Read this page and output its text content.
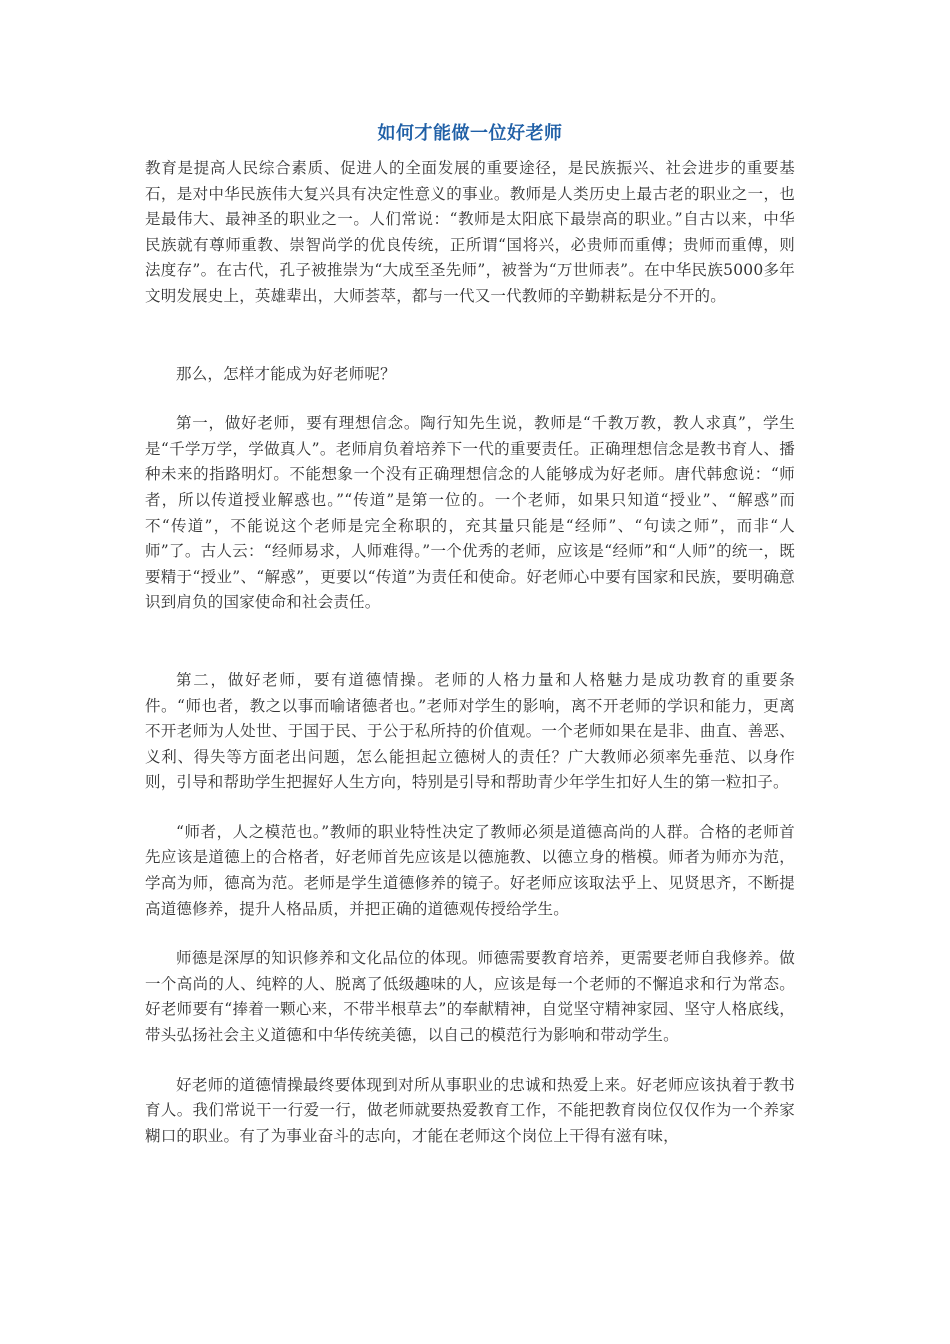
如何才能做一位好老师

教育是提高人民综合素质、促进人的全面发展的重要途径，是民族振兴、社会进步的重要基石，是对中华民族伟大复兴具有决定性意义的事业。教师是人类历史上最古老的职业之一，也是最伟大、最神圣的职业之一。人们常说：“教师是太阳底下最崇高的职业。”自古以来，中华民族就有尊师重教、崇智尚学的优良传统，正所谓“国将兴，必贵师而重傅；贵师而重傅，则法度存”。在古代，孔子被推崇为“大成至圣先师”，被誉为“万世师表”。在中华民族5000多年文明发展史上，英雄辈出，大师荟萃，都与一代又一代教师的辛勤耕耘是分不开的。

那么，怎样才能成为好老师呢？

第一，做好老师，要有理想信念。陶行知先生说，教师是“千教万教，教人求真”，学生是“千学万学，学做真人”。老师肩负着培养下一代的重要责任。正确理想信念是教书育人、播种未来的指路明灯。不能想象一个没有正确理想信念的人能够成为好老师。唐代韩愈说：“师者，所以传道授业解惑也。”“传道”是第一位的。一个老师，如果只知道“授业”、“解惑”而不“传道”，不能说这个老师是完全称职的，充其量只能是“经师”、“句读之师”，而非“人师”了。古人云：“经师易求，人师难得。”一个优秀的老师，应该是“经师”和“人师”的统一，既要精于“授业”、“解惑”，更要以“传道”为责任和使命。好老师心中要有国家和民族，要明确意识到肩负的国家使命和社会责任。

第二，做好老师，要有道德情操。老师的人格力量和人格魅力是成功教育的重要条件。“师也者，教之以事而喻诸德者也。”老师对学生的影响，离不开老师的学识和能力，更离不开老师为人处世、于国于民、于公于私所持的价值观。一个老师如果在是非、曲直、善恶、义利、得失等方面老出问题，怎么能担起立德树人的责任？广大教师必须率先垂范、以身作则，引导和帮助学生把握好人生方向，特别是引导和帮助青少年学生扣好人生的第一粒扣子。

“师者，人之模范也。”教师的职业特性决定了教师必须是道德高尚的人群。合格的老师首先应该是道德上的合格者，好老师首先应该是以德施教、以德立身的楷模。师者为师亦为范，学高为师，德高为范。老师是学生道德修养的镜子。好老师应该取法乎上、见贤思齐，不断提高道德修养，提升人格品质，并把正确的道德观传授给学生。

师德是深厚的知识修养和文化品位的体现。师德需要教育培养，更需要老师自我修养。做一个高尚的人、纯粹的人、脱离了低级趣味的人，应该是每一个老师的不懈追求和行为常态。好老师要有“捧着一颗心来，不带半根草去”的奉献精神，自觉坚守精神家园、坚守人格底线，带头弘扬社会主义道德和中华传统美德，以自己的模范行为影响和带动学生。

好老师的道德情操最终要体现到对所从事职业的忠诚和热爱上来。好老师应该执着于教书育人。我们常说干一行爱一行，做老师就要热爱教育工作，不能把教育岗位仅仅作为一个养家糊口的职业。有了为事业奋斗的志向，才能在老师这个岗位上干得有滋有味，
